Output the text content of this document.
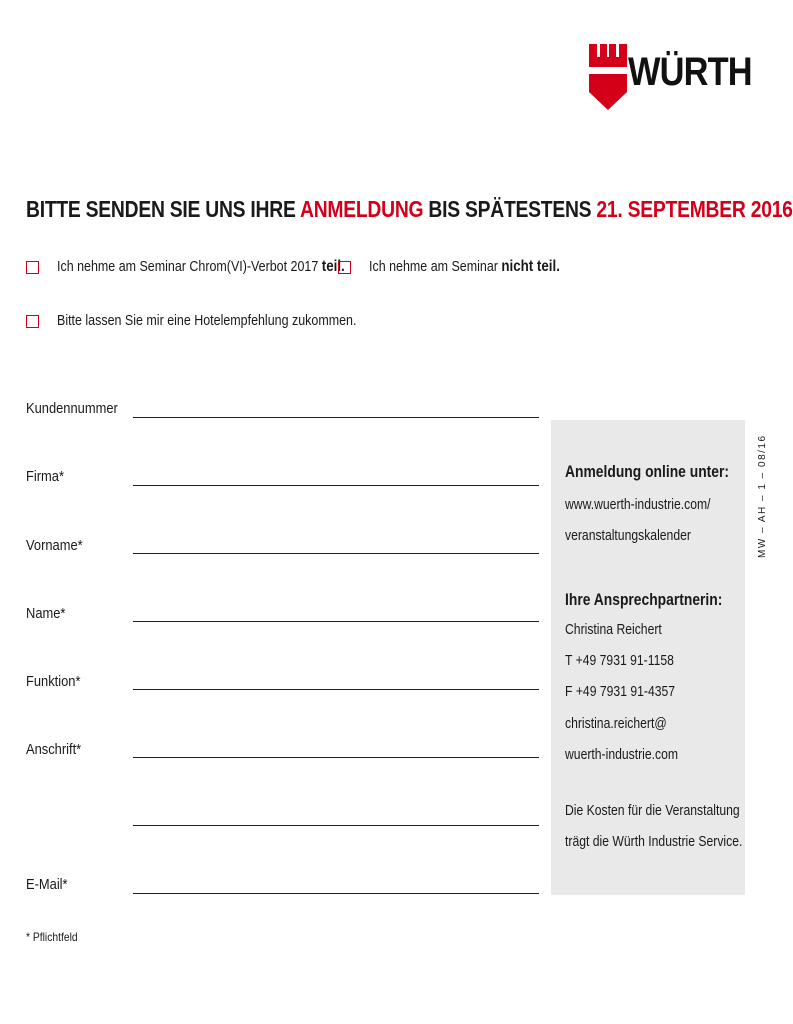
WÜRTH
BITTE SENDEN SIE UNS IHRE ANMELDUNG BIS SPÄTESTENS 21. SEPTEMBER 2016
Ich nehme am Seminar Chrom(VI)-Verbot 2017 teil. Ich nehme am Seminar nicht teil.
Bitte lassen Sie mir eine Hotelempfehlung zukommen.
Kundennummer
Firma*
Vorname*
Name*
Funktion*
Anschrift*
E-Mail*
* Pflichtfeld
Anmeldung online unter:
www.wuerth-industrie.com/
veranstaltungskalender
Ihre Ansprechpartnerin:
Christina Reichert
T +49 7931 91-1158
F +49 7931 91-4357
christina.reichert@
wuerth-industrie.com
Die Kosten für die Veranstaltung
trägt die Würth Industrie Service.
MW – AH – 1 – 08/16
